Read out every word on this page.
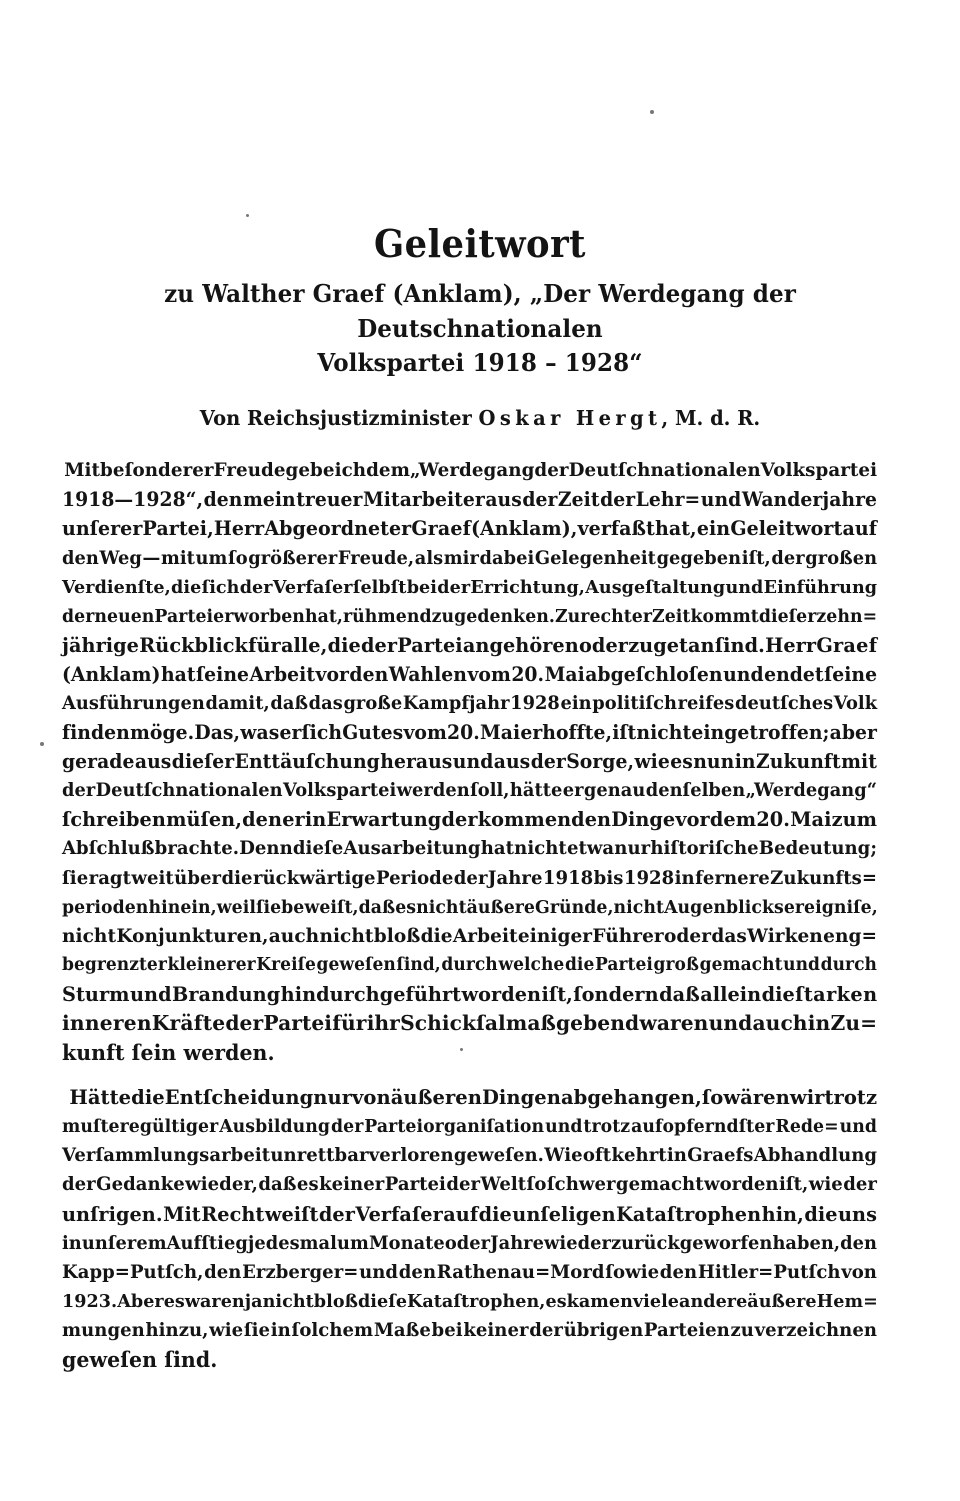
Geleitwort
zu Walther Graef (Anklam), „Der Werdegang der Deutschnationalen
Volkspartei 1918 – 1928“
Von Reichsjustizminister Oskar Hergt, M. d. R.
Mit beſonderer Freude gebe ich dem „Werdegang der Deutſchnationalen Volkspartei
1918—1928“, den mein treuer Mitarbeiter aus der Zeit der Lehr= und Wanderjahre
unſerer Partei, Herr Abgeordneter G r a e f (Anklam), verfaßt hat, ein Geleitwort auf
den Weg — mit um ſo größerer Freude, als mir dabei Gelegenheit gegeben iſt, der großen
Verdienſte, die ſich der Verfaſer ſelbſt bei der Errichtung, Ausgeſtaltung und Einführung
der neuen Partei erworben hat, rühmend zu gedenken. Zu rechter Zeit kommt dieſer zehn=
jährige Rückblick für alle, die der Partei angehören oder zugetan ſind. Herr G r a e f
(Anklam) hat ſeine Arbeit vor den Wahlen vom 20. Mai abgeſchloſen und endet ſeine
Ausführungen damit, daß das große Kampfjahr 1928 ein politiſch reifes deutſches Volk
finden möge. Das, was er ſich Gutes vom 20. Mai erhoffte, iſt nicht eingetroffen; aber
gerade aus dieſer Enttäuſchung heraus und aus der Sorge, wie es nun in Zukunft mit
der Deutſchnationalen Volkspartei werden ſoll, hätte er genau denſelben „Werdegang“
ſchreiben müſen, den er in Erwartung der kommenden Dinge vor dem 20. Mai zum
Abſchluß brachte. Denn dieſe Ausarbeitung hat nicht etwa nur hiſtoriſche Bedeutung;
ſie ragt weit über die rückwärtige Periode der Jahre 1918 bis 1928 in fernere Zukunfts=
perioden hinein, weil ſie beweiſt, daß es nicht äußere Gründe, nicht Augenblicksereigniſe,
nicht Konjunkturen, auch nicht bloß die Arbeit einiger Führer oder das Wirken eng=
begrenzter kleinerer Kreiſe geweſen ſind, durch welche die Partei groß gemacht und durch
Sturm und Brandung hindurchgeführt worden iſt, ſondern daß allein die ſ t a r k e n
i n n e r e n K r ä f t e der Partei für ihr Schickſal maßgebend waren und auch in Zu=
kunft ſein werden.
Hätte die Entſcheidung nur von äußeren Dingen abgehangen, ſo wären wir trotz
muſteregültiger Ausbildung der Parteiorganiſation und trotz aufopferndſter Rede= und
Verſammlungsarbeit unrettbar verloren geweſen. Wie oft kehrt in Graefs Abhandlung
der Gedanke wieder, daß es keiner Partei der Welt ſo ſchwer gemacht worden iſt, wie der
unſrigen. Mit Recht weiſt der Verfaſer auf die unſeligen Kataſtrophen hin, die uns
in unſerem Aufſtieg jedesmal um Monate oder Jahre wieder zurückgeworfen haben, den
Kapp=Putſch, den Erzberger= und den Rathenau=Mord ſowie den Hitler=Putſch von
1923. Aber es waren ja nicht bloß dieſe Kataſtrophen, es kamen viele andere äußere Hem=
mungen hinzu, wie ſie in ſolchem Maße bei keiner der übrigen Parteien zu verzeichnen
geweſen ſind.
